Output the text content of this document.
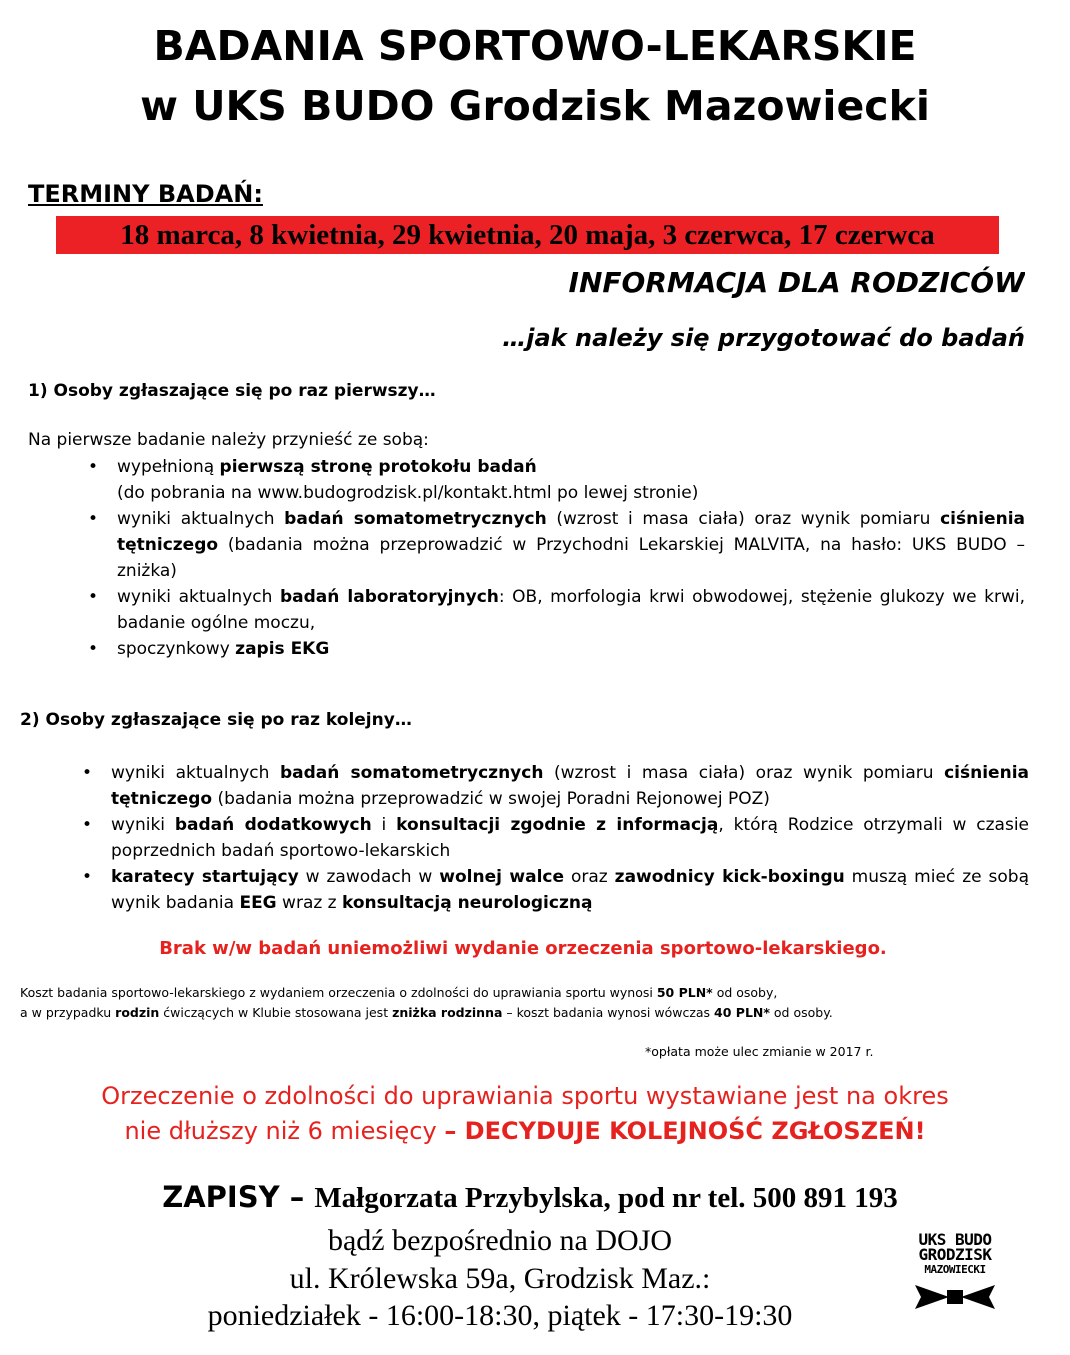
BADANIA SPORTOWO-LEKARSKIE
w UKS BUDO Grodzisk Mazowiecki
TERMINY BADAŃ:
18 marca, 8 kwietnia, 29 kwietnia, 20 maja, 3 czerwca, 17 czerwca
INFORMACJA DLA RODZICÓW
…jak należy się przygotować do badań
1) Osoby zgłaszające się po raz pierwszy…
Na pierwsze badanie należy przynieść ze sobą:
• wypełnioną pierwszą stronę protokołu badań
(do pobrania na www.budogrodzisk.pl/kontakt.html po lewej stronie)
• wyniki aktualnych badań somatometrycznych (wzrost i masa ciała) oraz wynik pomiaru ciśnienia tętniczego (badania można przeprowadzić w Przychodni Lekarskiej MALVITA, na hasło: UKS BUDO – zniżka)
• wyniki aktualnych badań laboratoryjnych: OB, morfologia krwi obwodowej, stężenie glukozy we krwi, badanie ogólne moczu,
• spoczynkowy zapis EKG
2) Osoby zgłaszające się po raz kolejny…
• wyniki aktualnych badań somatometrycznych (wzrost i masa ciała) oraz wynik pomiaru ciśnienia tętniczego (badania można przeprowadzić w swojej Poradni Rejonowej POZ)
• wyniki badań dodatkowych i konsultacji zgodnie z informacją, którą Rodzice otrzymali w czasie poprzednich badań sportowo-lekarskich
• karatecy startujący w zawodach w wolnej walce oraz zawodnicy kick-boxingu muszą mieć ze sobą wynik badania EEG wraz z konsultacją neurologiczną
Brak w/w badań uniemożliwi wydanie orzeczenia sportowo-lekarskiego.
Koszt badania sportowo-lekarskiego z wydaniem orzeczenia o zdolności do uprawiania sportu wynosi 50 PLN* od osoby,
a w przypadku rodzin ćwiczących w Klubie stosowana jest zniżka rodzinna – koszt badania wynosi wówczas 40 PLN* od osoby.
*opłata może ulec zmianie w 2017 r.
Orzeczenie o zdolności do uprawiania sportu wystawiane jest na okres
nie dłuższy niż 6 miesięcy – DECYDUJE KOLEJNOŚĆ ZGŁOSZEŃ!
ZAPISY – Małgorzata Przybylska, pod nr tel. 500 891 193
bądź bezpośrednio na DOJO
ul. Królewska 59a, Grodzisk Maz.:
poniedziałek - 16:00-18:30, piątek - 17:30-19:30
UKS BUDO
GRODZISK
MAZOWIECKI
